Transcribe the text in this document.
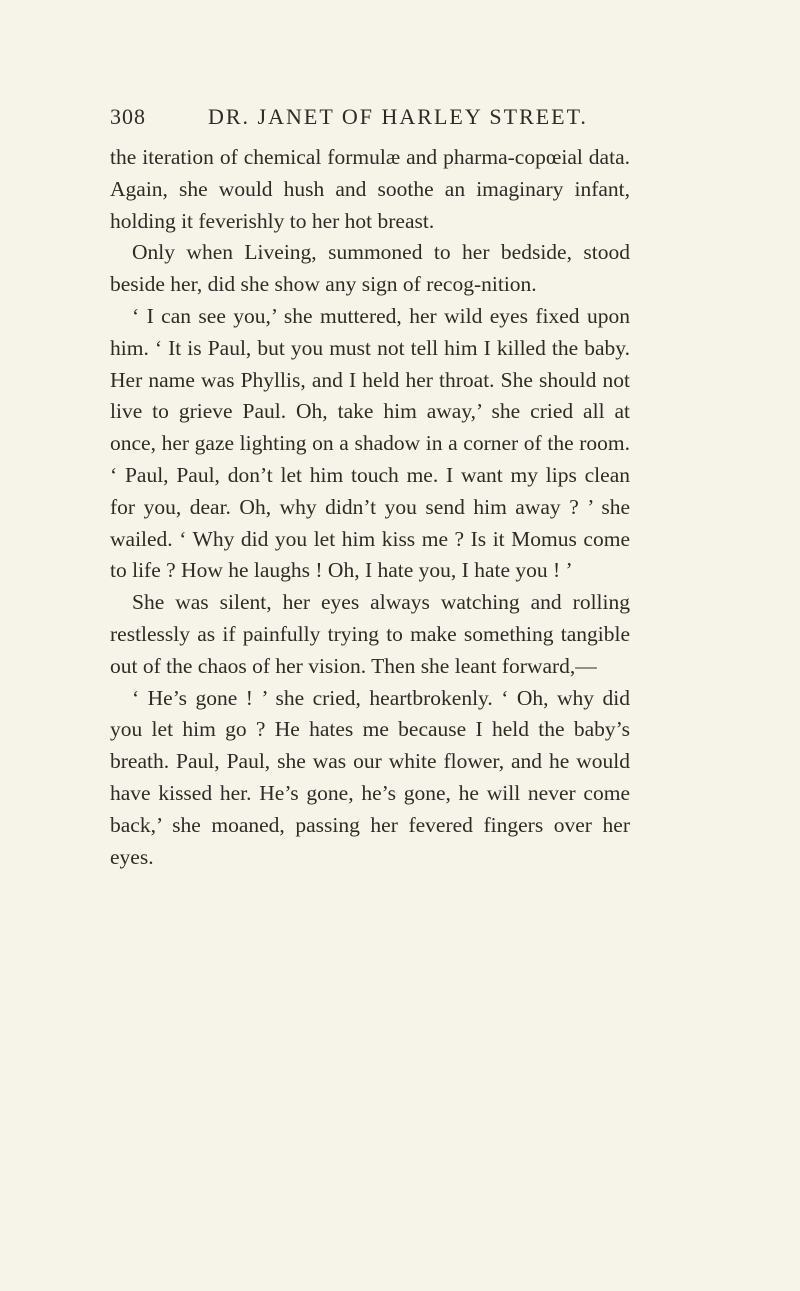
308	DR. JANET OF HARLEY STREET.

the iteration of chemical formulæ and pharma-copœial data. Again, she would hush and soothe an imaginary infant, holding it feverishly to her hot breast.

Only when Liveing, summoned to her bedside, stood beside her, did she show any sign of recog-nition.

‘ I can see you,’ she muttered, her wild eyes fixed upon him. ‘ It is Paul, but you must not tell him I killed the baby. Her name was Phyllis, and I held her throat. She should not live to grieve Paul. Oh, take him away,’ she cried all at once, her gaze lighting on a shadow in a corner of the room. ‘ Paul, Paul, don’t let him touch me. I want my lips clean for you, dear. Oh, why didn’t you send him away ? ’ she wailed. ‘ Why did you let him kiss me ? Is it Momus come to life ? How he laughs ! Oh, I hate you, I hate you ! ’

She was silent, her eyes always watching and rolling restlessly as if painfully trying to make something tangible out of the chaos of her vision. Then she leant forward,—

‘ He’s gone ! ’ she cried, heartbrokenly. ‘ Oh, why did you let him go ? He hates me because I held the baby’s breath. Paul, Paul, she was our white flower, and he would have kissed her. He’s gone, he’s gone, he will never come back,’ she moaned, passing her fevered fingers over her eyes.
